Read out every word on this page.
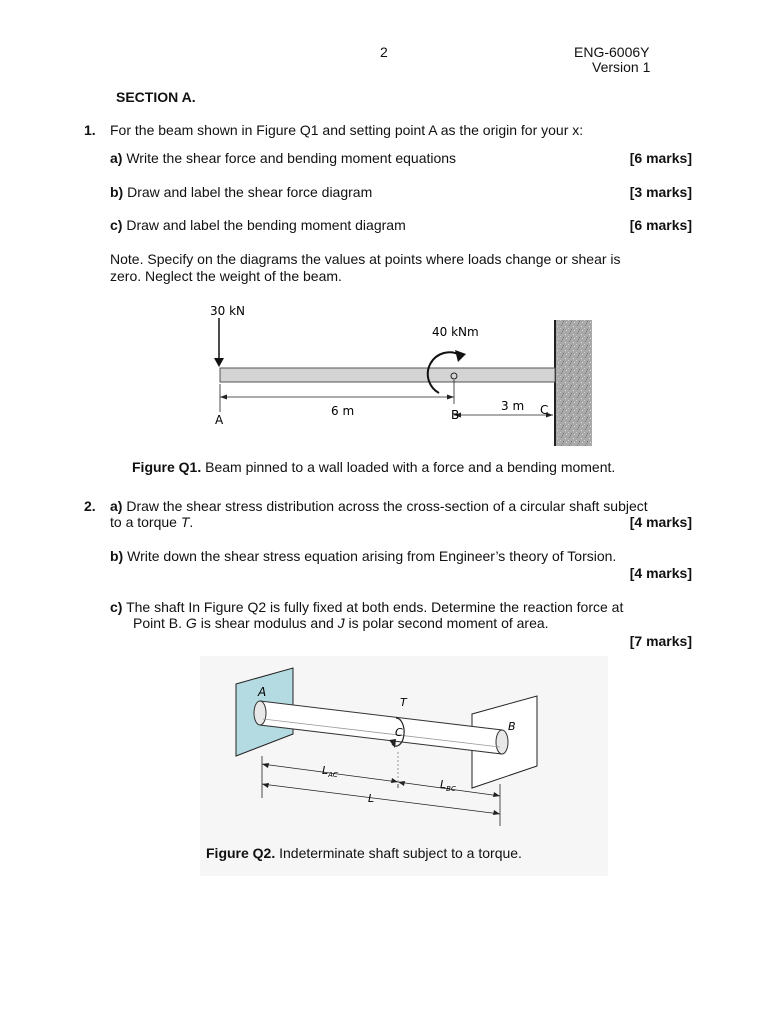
2	ENG-6006Y
Version 1
SECTION A.
1. For the beam shown in Figure Q1 and setting point A as the origin for your x:
a) Write the shear force and bending moment equations	[6 marks]
b) Draw and label the shear force diagram	[3 marks]
c) Draw and label the bending moment diagram	[6 marks]
Note. Specify on the diagrams the values at points where loads change or shear is
zero. Neglect the weight of the beam.
30 kN
40 kNm
6 m	3 m
A	B	C
Figure Q1. Beam pinned to a wall loaded with a force and a bending moment.
2. a) Draw the shear stress distribution across the cross-section of a circular shaft subject
to a torque T.	[4 marks]
b) Write down the shear stress equation arising from Engineer’s theory of Torsion.
[4 marks]
c) The shaft In Figure Q2 is fully fixed at both ends. Determine the reaction force at
Point B. G is shear modulus and J is polar second moment of area.
[7 marks]
A
B
C
T
$L_{AC}$
$L_{BC}$
L
Figure Q2. Indeterminate shaft subject to a torque.
